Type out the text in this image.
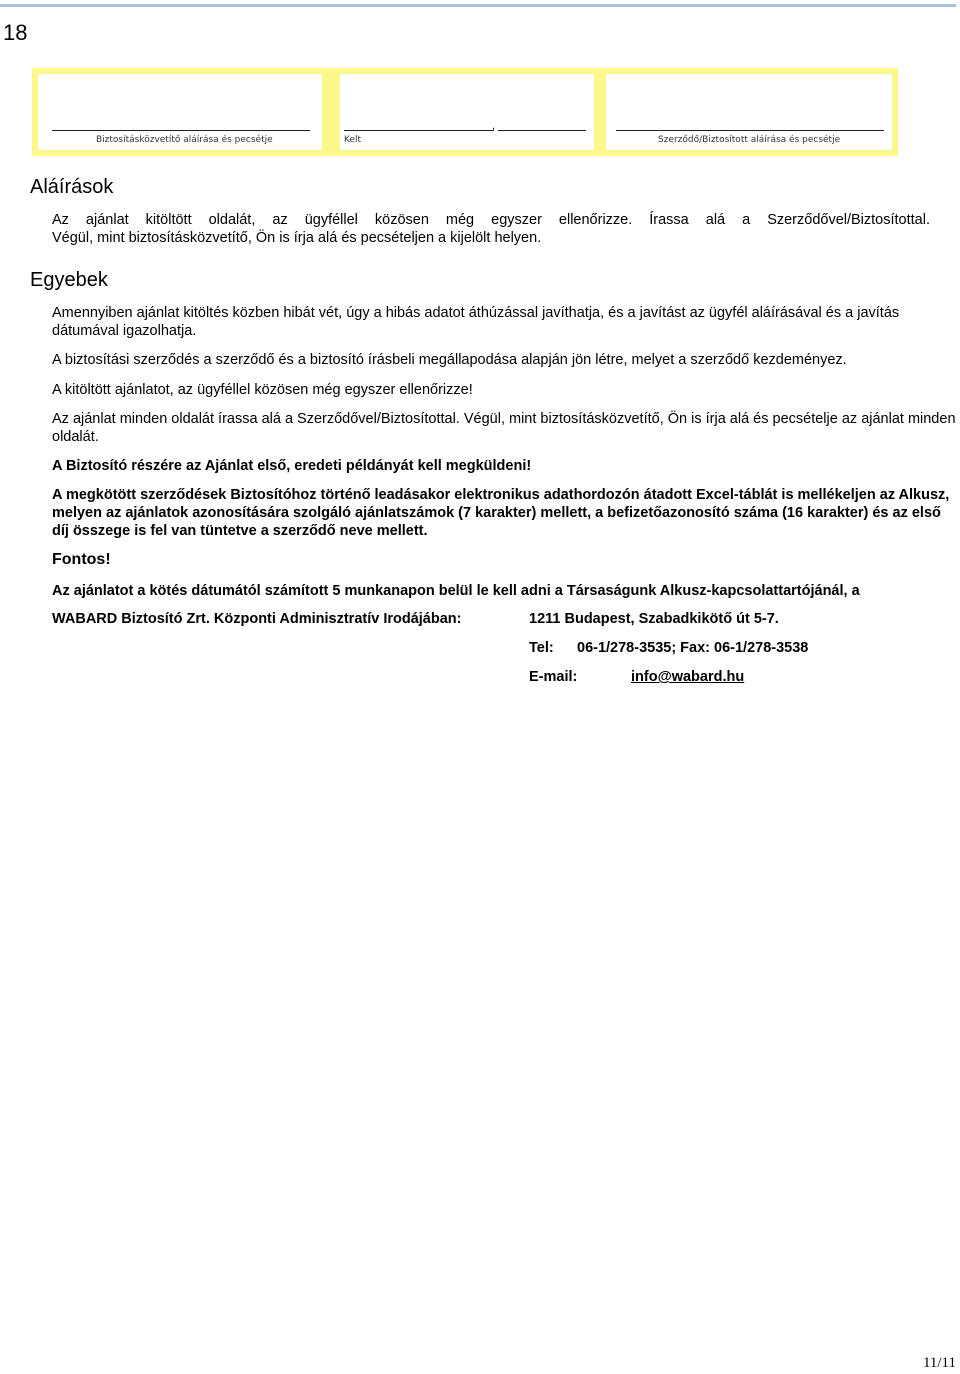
18
Biztosításközvetítő aláírása és pecsétje
,
Kelt	Szerződő/Biztosított aláírása és pecsétje
Aláírások

Az ajánlat kitöltött oldalát, az ügyféllel közösen még egyszer ellenőrizze. Írassa alá a Szerződővel/Biztosítottal.

Végül, mint biztosításközvetítő, Ön is írja alá és pecsételjen a kijelölt helyen.

Egyebek

Amennyiben ajánlat kitöltés közben hibát vét, úgy a hibás adatot áthúzással javíthatja, és a javítást az ügyfél aláírásával és a javítás dátumával igazolhatja.

A biztosítási szerződés a szerződő és a biztosító írásbeli megállapodása alapján jön létre, melyet a szerződő kezdeményez.

A kitöltött ajánlatot, az ügyféllel közösen még egyszer ellenőrizze!

Az ajánlat minden oldalát írassa alá a Szerződővel/Biztosítottal. Végül, mint biztosításközvetítő, Ön is írja alá és pecsételje az ajánlat minden oldalát.

A Biztosító részére az Ajánlat első, eredeti példányát kell megküldeni!

A megkötött szerződések Biztosítóhoz történő leadásakor elektronikus adathordozón átadott Excel-táblát is mellékeljen az Alkusz, melyen az ajánlatok azonosítására szolgáló ajánlatszámok (7 karakter) mellett, a befizetőazonosító száma (16 karakter) és az első díj összege is fel van tüntetve a szerződő neve mellett.

Fontos!

Az ajánlatot a kötés dátumától számított 5 munkanapon belül le kell adni a Társaságunk Alkusz-kapcsolattartójánál, a

WABARD Biztosító Zrt. Központi Adminisztratív Irodájában:	1211 Budapest, Szabadkikötő út 5-7.
Tel: 06-1/278-3535; Fax: 06-1/278-3538
E-mail:	info@wabard.hu
11/11
